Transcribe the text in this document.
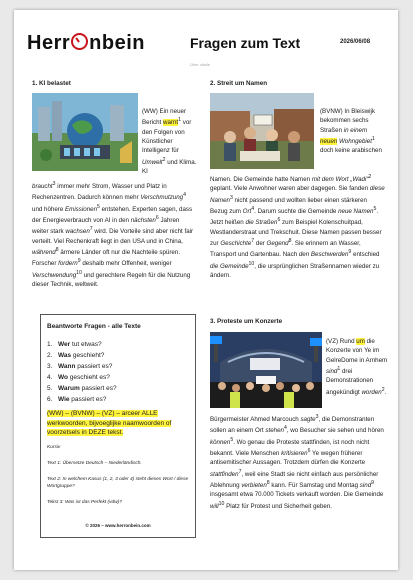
Herr nbein	Fragen zum Text	2026/06/08
Über uitslie
1. KI belastet
(WW) Ein neuer Bericht warnt$^1$ vor den Folgen von Künstlicher Intelligenz für Umwelt$^2$ und Klima. KI
braucht$^3$ immer mehr Strom, Wasser und Platz in Rechenzentren. Dadurch können mehr Verschmutzung$^4$ und höhere Emissionen$^5$ entstehen. Experten sagen, dass der Energieverbrauch von AI in den nächsten$^6$ Jahren weiter stark wachsen$^7$ wird. Die Vorteile sind aber nicht fair verteilt. Viel Rechenkraft liegt in den USA und in China, während$^8$ ärmere Länder oft nur die Nachteile spüren. Forscher fordern$^9$ deshalb mehr Offenheit, weniger Verschwendung$^{10}$ und gerechtere Regeln für die Nutzung dieser Technik, weltweit.
2. Streit um Namen
(BVNW) In Bleiswijk bekommen sechs Straßen in einem neuen Wohngebiet$^1$ doch keine arabischen
Namen. Die Gemeinde hatte Namen mit dem Wort „Wadi“$^2$ geplant. Viele Anwohner waren aber dagegen. Sie fanden diese Namen$^3$ nicht passend und wollten lieber einen stärkeren Bezug zum Ort$^4$. Darum suchte die Gemeinde neue Namen$^5$. Jetzt heißen die Straßen$^6$ zum Beispiel Kolenschuitpad, Westlanderstraat und Trekschuit. Diese Namen passen besser zur Geschichte$^7$ der Gegend$^8$. Sie erinnern an Wasser, Transport und Gartenbau. Nach den Beschwerden$^9$ entschied die Gemeinde$^{10}$, die ursprünglichen Straßennamen wieder zu ändern.
3. Proteste um Konzerte
(VZ) Rund um die Konzerte von Ye im GelreDome in Arnhem sind$^1$ drei Demonstrationen angekündigt worden$^2$.
Bürgermeister Ahmed Marcouch sagte$^3$, die Demonstranten sollen an einem Ort stehen$^4$, wo Besucher sie sehen und hören können$^5$. Wo genau die Proteste stattfinden, ist noch nicht bekannt. Viele Menschen kritisieren$^6$ Ye wegen früherer antisemitischer Aussagen. Trotzdem dürfen die Konzerte stattfinden$^7$, weil eine Stadt sie nicht einfach aus persönlicher Ablehnung verbieten$^8$ kann. Für Samstag und Montag sind$^9$ insgesamt etwa 70.000 Tickets verkauft worden. Die Gemeinde will$^{10}$ Platz für Protest und Sicherheit geben.
Beantworte Fragen - alle Texte
1. Wer tut etwas?
2. Was geschieht?
3. Wann passiert es?
4. Wo geschieht es?
5. Warum passiert es?
6. Wie passiert es?
(WW) – (BVNW) – (VZ) – arceer ALLE werkwoorden, bijvoeglijke naamwoorden of voorzetsels in DEZE tekst.
Kursiv
Text 1: Übersetze Deutsch – Niederländisch.
Text 2: In welchem Kasus (1, 2, 3 oder 4) steht dieses Wort / diese Wortgruppe?
Tekst 3: Was ist das Perfekt (vdw)?
© 2026 – www.herronbein.com
